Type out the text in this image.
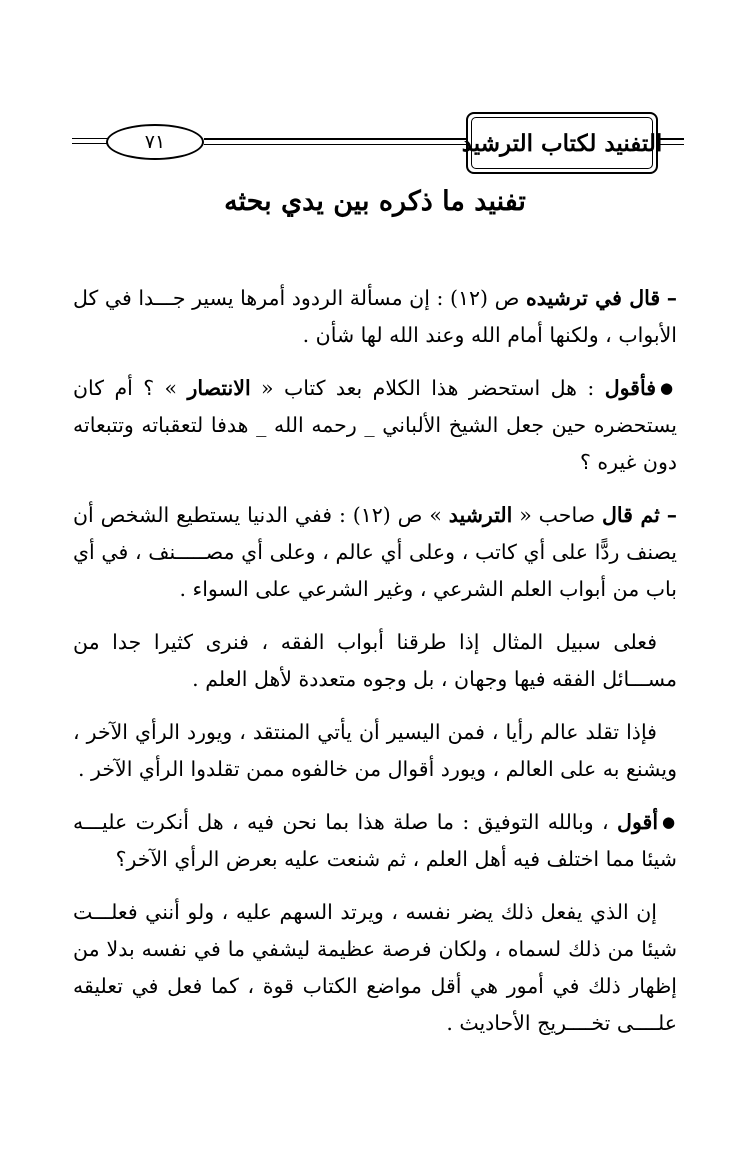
٧١	التفنيد لكتاب الترشيد
تفنيد ما ذكره بين يدي بحثه

– قال في ترشيده ص (١٢) : إن مسألة الردود أمرها يسير جـــدا في كل الأبواب ، ولكنها أمام الله وعند الله لها شأن .

●فأقول : هل استحضر هذا الكلام بعد كتاب « الانتصار » ؟ أم كان يستحضره حين جعل الشيخ الألباني _ رحمه الله _ هدفا لتعقباته وتتبعاته دون غيره ؟

– ثم قال صاحب « الترشيد » ص (١٢) : ففي الدنيا يستطيع الشخص أن يصنف ردًّا على أي كاتب ، وعلى أي عالم ، وعلى أي مصـــــنف ، في أي باب من أبواب العلم الشرعي ، وغير الشرعي على السواء .

فعلى سبيل المثال إذا طرقنا أبواب الفقه ، فنرى كثيرا جدا من مســـائل الفقه فيها وجهان ، بل وجوه متعددة لأهل العلم .

فإذا تقلد عالم رأيا ، فمن اليسير أن يأتي المنتقد ، ويورد الرأي الآخر ، ويشنع به على العالم ، ويورد أقوال من خالفوه ممن تقلدوا الرأي الآخر .

●أقول ، وبالله التوفيق : ما صلة هذا بما نحن فيه ، هل أنكرت عليـــه شيئا مما اختلف فيه أهل العلم ، ثم شنعت عليه بعرض الرأي الآخر؟

إن الذي يفعل ذلك يضر نفسه ، ويرتد السهم عليه ، ولو أنني فعلـــت شيئا من ذلك لسماه ، ولكان فرصة عظيمة ليشفي ما في نفسه بدلا من إظهار ذلك في أمور هي أقل مواضع الكتاب قوة ، كما فعل في تعليقه علــــى تخــــريج الأحاديث .
